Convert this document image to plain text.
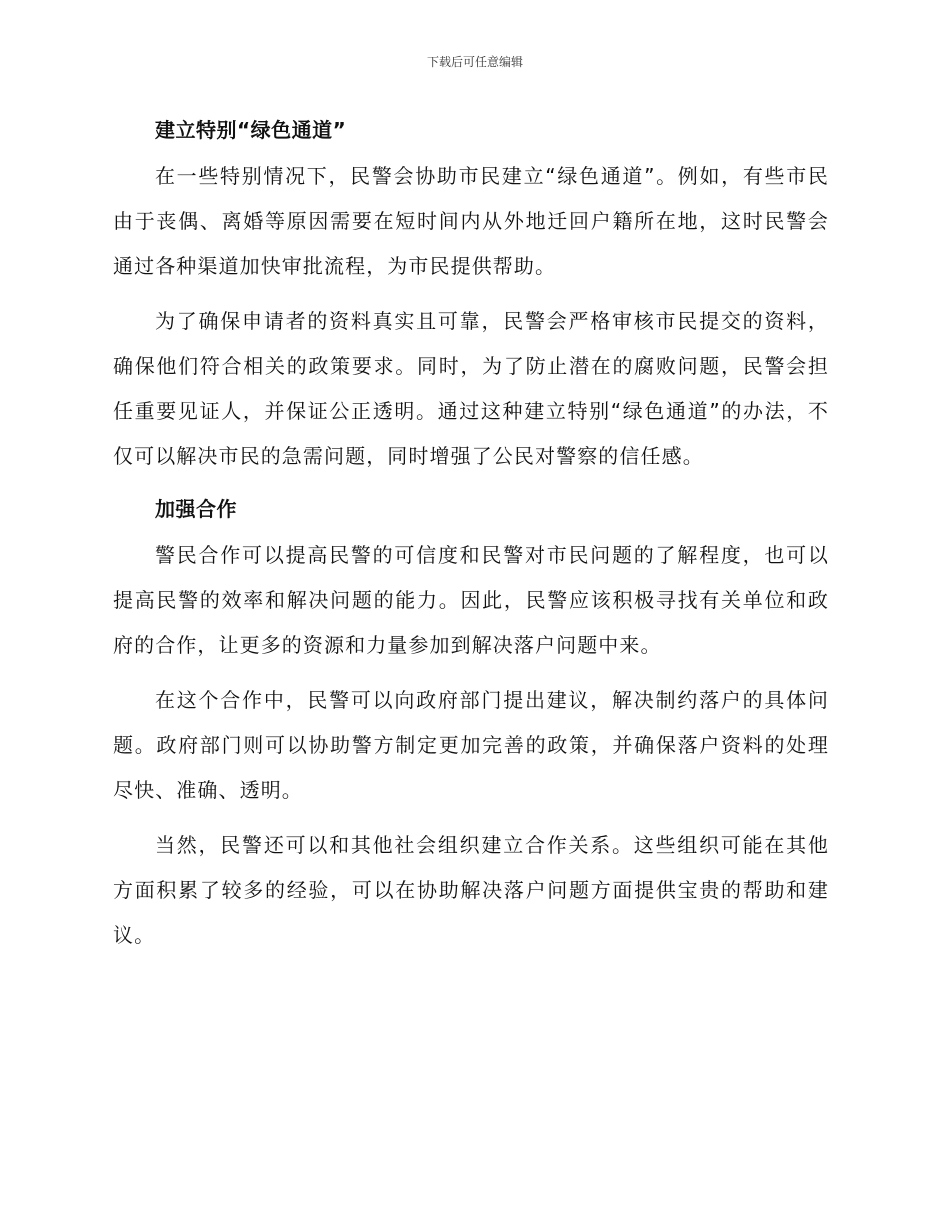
下载后可任意编辑
建立特别“绿色通道”

在一些特别情况下，民警会协助市民建立“绿色通道”。例如，有些市民由于丧偶、离婚等原因需要在短时间内从外地迁回户籍所在地，这时民警会通过各种渠道加快审批流程，为市民提供帮助。

为了确保申请者的资料真实且可靠，民警会严格审核市民提交的资料，确保他们符合相关的政策要求。同时，为了防止潜在的腐败问题，民警会担任重要见证人，并保证公正透明。通过这种建立特别“绿色通道”的办法，不仅可以解决市民的急需问题，同时增强了公民对警察的信任感。

加强合作

警民合作可以提高民警的可信度和民警对市民问题的了解程度，也可以提高民警的效率和解决问题的能力。因此，民警应该积极寻找有关单位和政府的合作，让更多的资源和力量参加到解决落户问题中来。

在这个合作中，民警可以向政府部门提出建议，解决制约落户的具体问题。政府部门则可以协助警方制定更加完善的政策，并确保落户资料的处理尽快、准确、透明。

当然，民警还可以和其他社会组织建立合作关系。这些组织可能在其他方面积累了较多的经验，可以在协助解决落户问题方面提供宝贵的帮助和建议。
